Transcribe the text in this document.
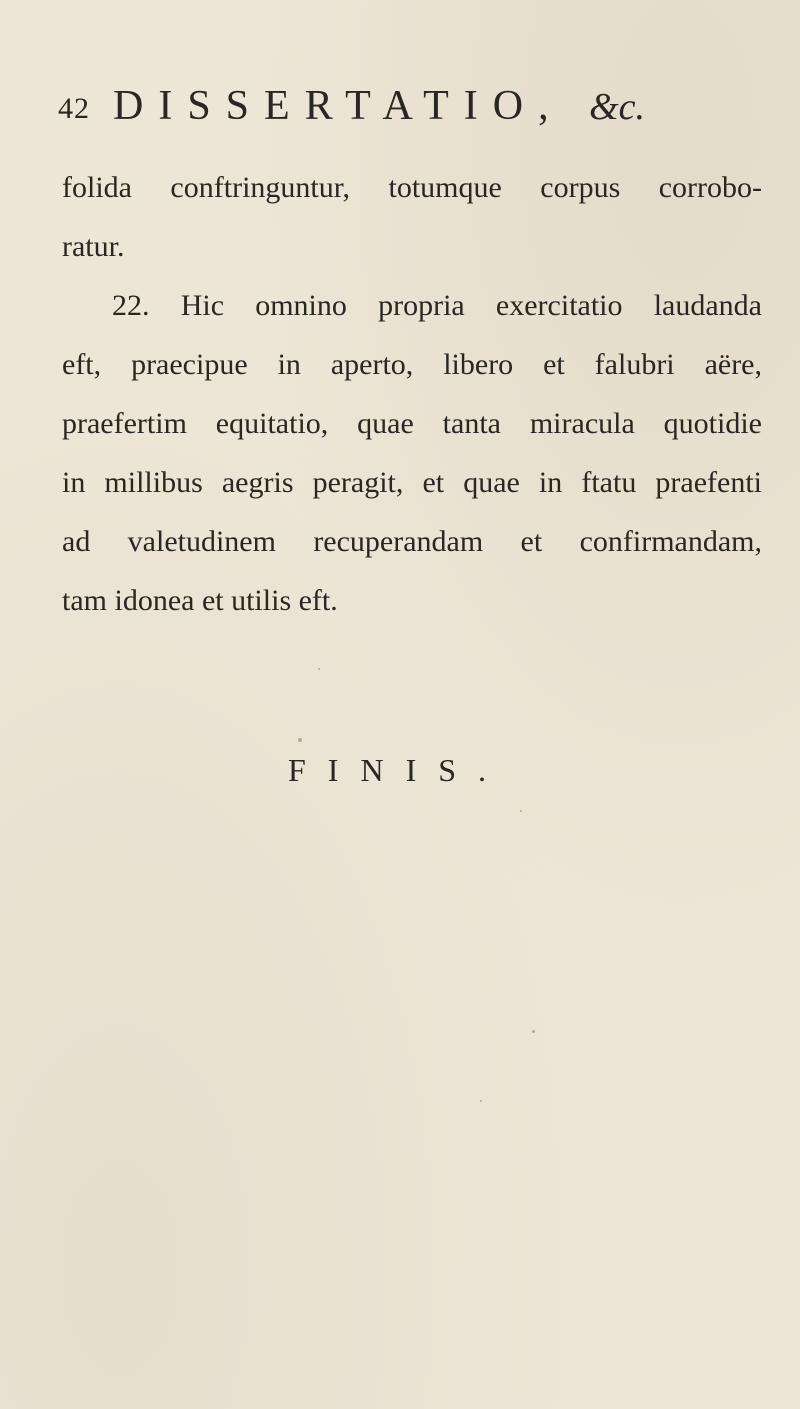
42 DISSERTATIO, &c.
folida conftringuntur, totumque corpus corrobo-
ratur.
22. Hic omnino propria exercitatio laudanda
eft, praecipue in aperto, libero et falubri aëre,
praefertim equitatio, quae tanta miracula quotidie
in millibus aegris peragit, et quae in ftatu praefenti
ad valetudinem recuperandam et confirmandam,
tam idonea et utilis eft.
FINIS.
